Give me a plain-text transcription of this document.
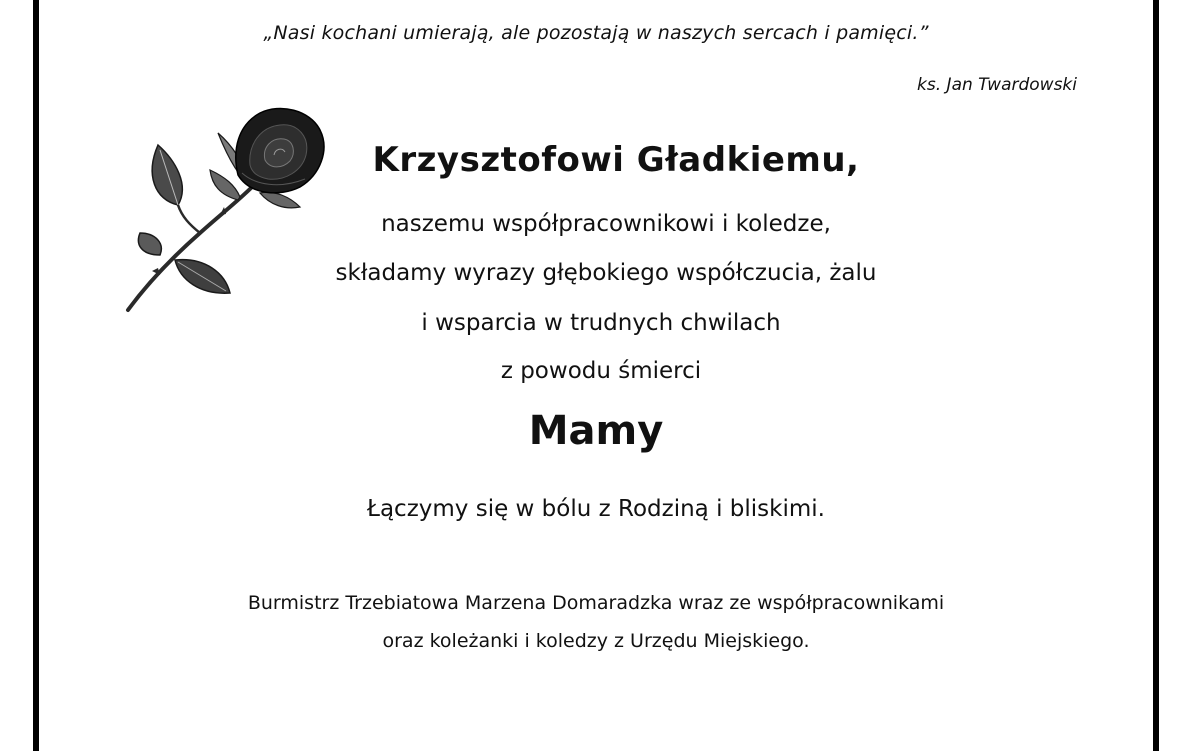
„Nasi kochani umierają, ale pozostają w naszych sercach i pamięci.”
ks. Jan Twardowski
Krzysztofowi Gładkiemu,
naszemu współpracownikowi i koledze,
składamy wyrazy głębokiego współczucia, żalu
i wsparcia w trudnych chwilach
z powodu śmierci
Mamy
Łączymy się w bólu z Rodziną i bliskimi.
Burmistrz Trzebiatowa Marzena Domaradzka wraz ze współpracownikami
oraz koleżanki i koledzy z Urzędu Miejskiego.
